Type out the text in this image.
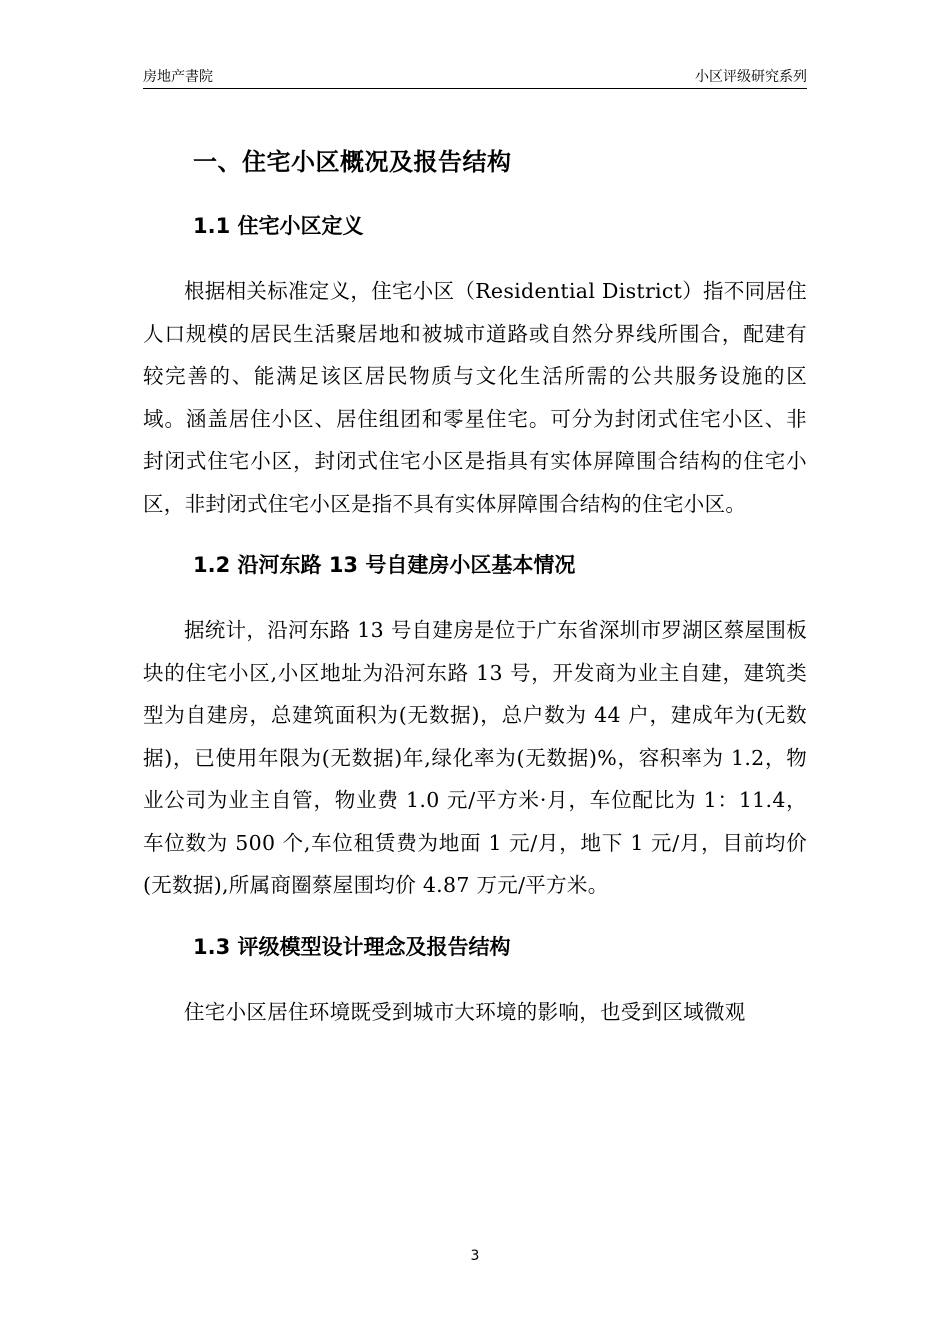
房地产書院	小区评级研究系列
一、住宅小区概况及报告结构
1.1 住宅小区定义

根据相关标准定义，住宅小区（Residential District）指不同居住人口规模的居民生活聚居地和被城市道路或自然分界线所围合，配建有较完善的、能满足该区居民物质与文化生活所需的公共服务设施的区域。涵盖居住小区、居住组团和零星住宅。可分为封闭式住宅小区、非封闭式住宅小区，封闭式住宅小区是指具有实体屏障围合结构的住宅小区，非封闭式住宅小区是指不具有实体屏障围合结构的住宅小区。

1.2 沿河东路 13 号自建房小区基本情况

据统计，沿河东路 13 号自建房是位于广东省深圳市罗湖区蔡屋围板块的住宅小区,小区地址为沿河东路 13 号，开发商为业主自建，建筑类型为自建房，总建筑面积为(无数据)，总户数为 44 户，建成年为(无数据)，已使用年限为(无数据)年,绿化率为(无数据)%，容积率为 1.2，物业公司为业主自管，物业费 1.0 元/平方米·月，车位配比为 1：11.4，车位数为 500 个,车位租赁费为地面 1 元/月，地下 1 元/月，目前均价(无数据),所属商圈蔡屋围均价 4.87 万元/平方米。

1.3 评级模型设计理念及报告结构

住宅小区居住环境既受到城市大环境的影响，也受到区域微观

3
